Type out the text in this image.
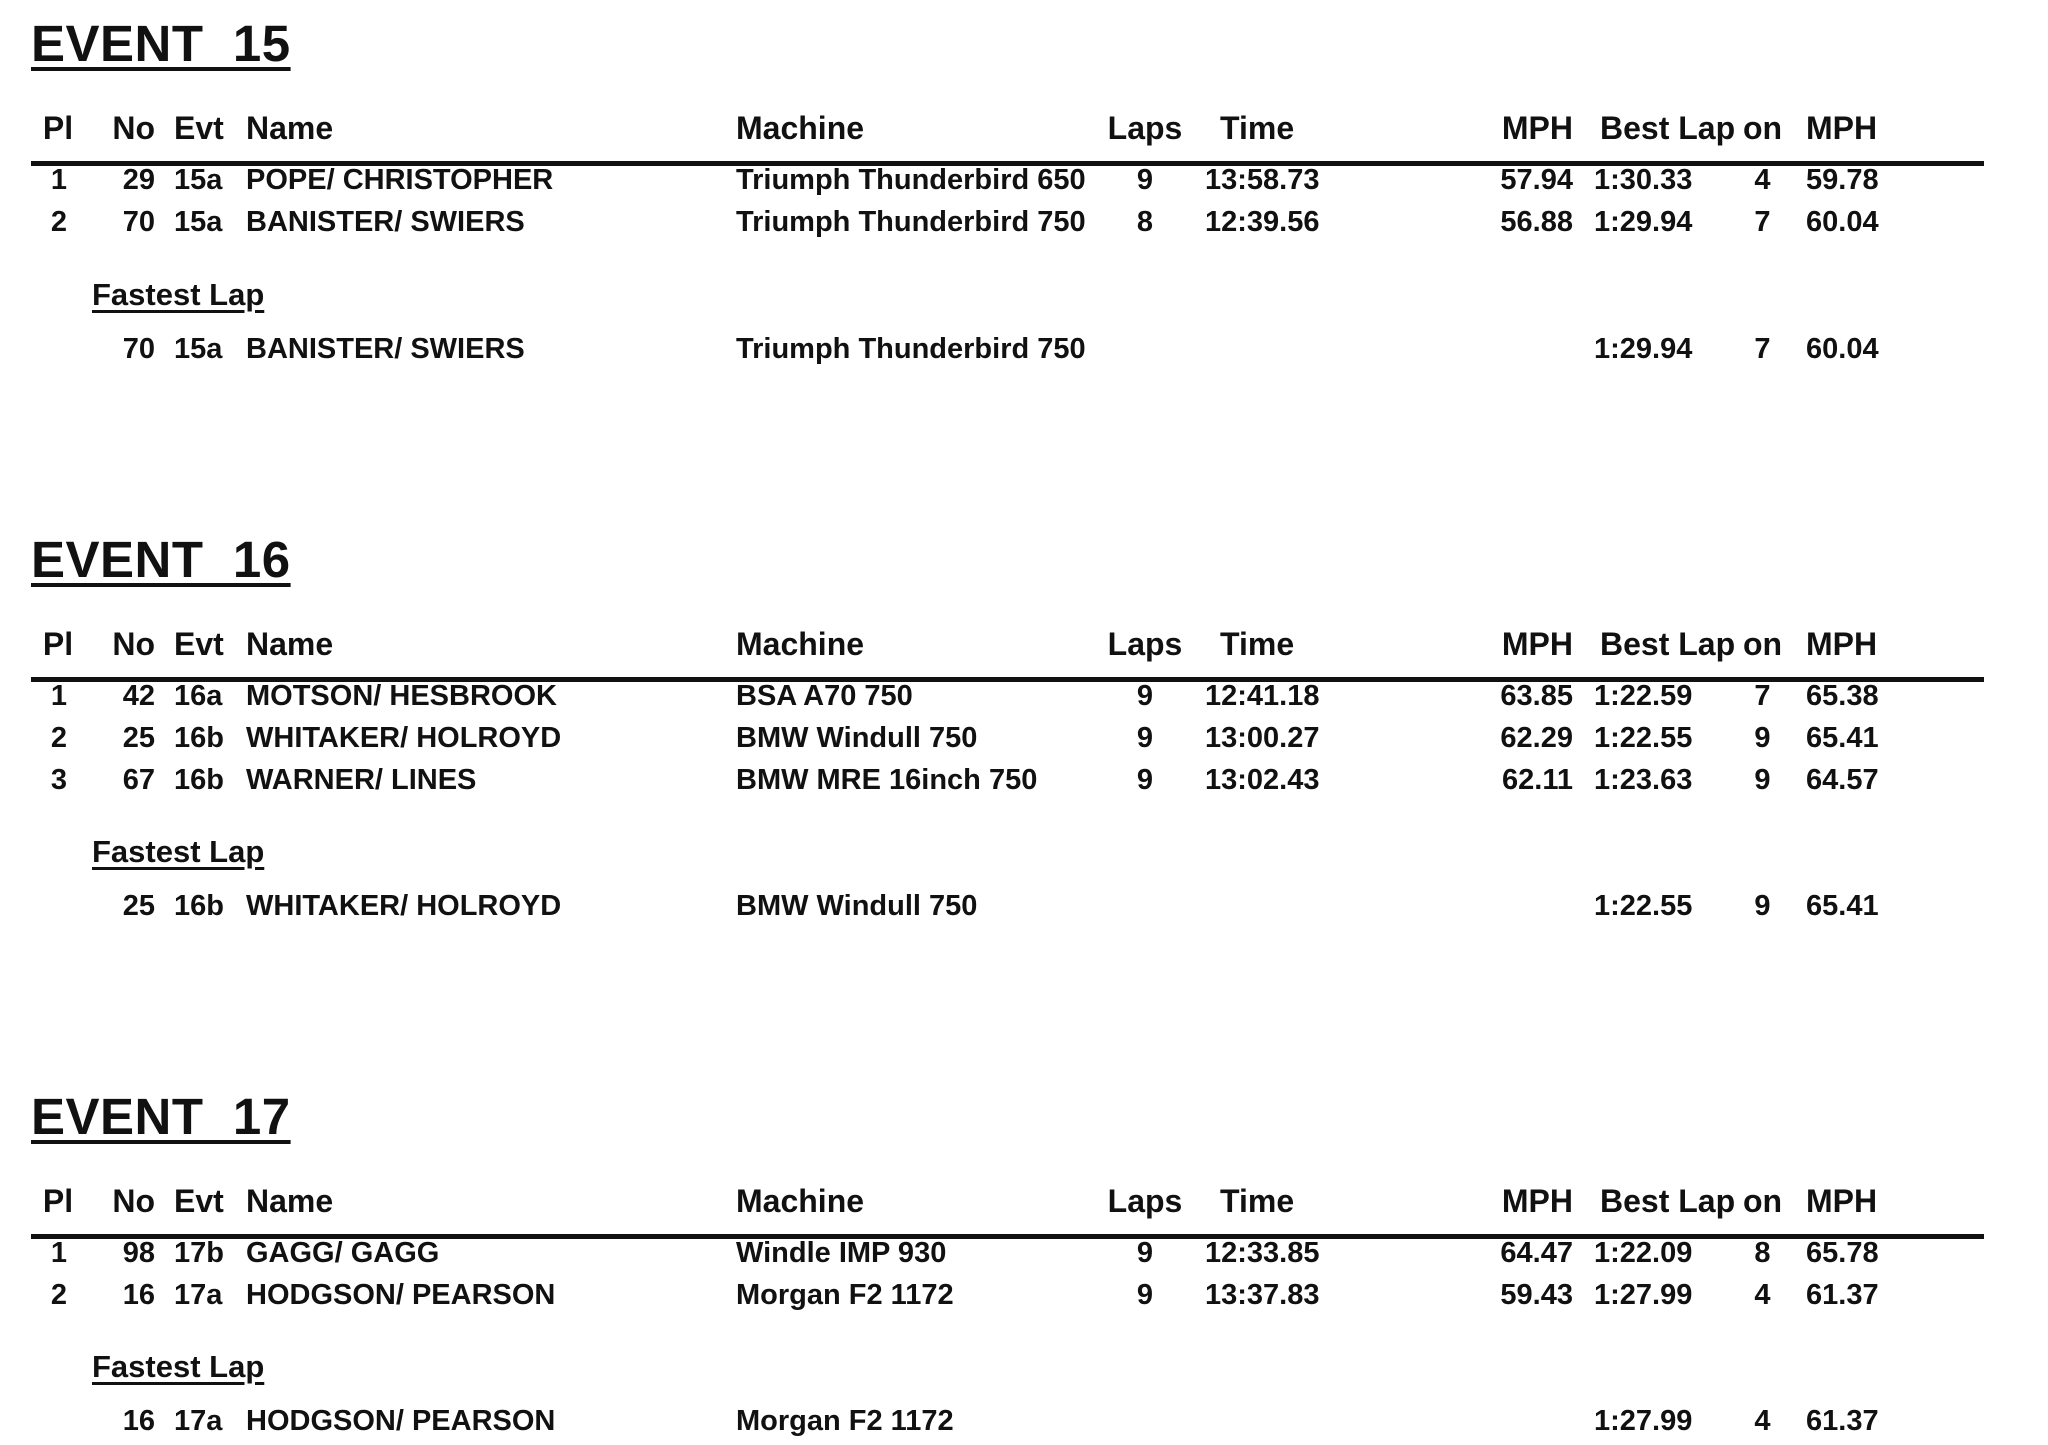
EVENT  15
Pl	No Evt Name	Machine	Laps	Time	MPH Best Lap on MPH
1	29 15a POPE/ CHRISTOPHER	Triumph Thunderbird 650	9	13:58.73	57.94 1:30.33	4	59.78
2	70 15a BANISTER/ SWIERS	Triumph Thunderbird 750	8	12:39.56	56.88 1:29.94	7	60.04
Fastest Lap
70 15a BANISTER/ SWIERS	Triumph Thunderbird 750	1:29.94	7	60.04
EVENT  16
Pl	No Evt Name	Machine	Laps	Time	MPH Best Lap on MPH
1	42 16a MOTSON/ HESBROOK	BSA A70 750	9	12:41.18	63.85 1:22.59	7	65.38
2	25 16b WHITAKER/ HOLROYD	BMW Windull 750	9	13:00.27	62.29 1:22.55	9	65.41
3	67 16b WARNER/ LINES	BMW MRE 16inch 750	9	13:02.43	62.11 1:23.63	9	64.57
Fastest Lap
25 16b WHITAKER/ HOLROYD	BMW Windull 750	1:22.55	9	65.41
EVENT  17
Pl	No Evt Name	Machine	Laps	Time	MPH Best Lap on MPH
1	98 17b GAGG/ GAGG	Windle IMP 930	9	12:33.85	64.47 1:22.09	8	65.78
2	16 17a HODGSON/ PEARSON	Morgan F2 1172	9	13:37.83	59.43 1:27.99	4	61.37
Fastest Lap
16 17a HODGSON/ PEARSON	Morgan F2 1172	1:27.99	4	61.37
